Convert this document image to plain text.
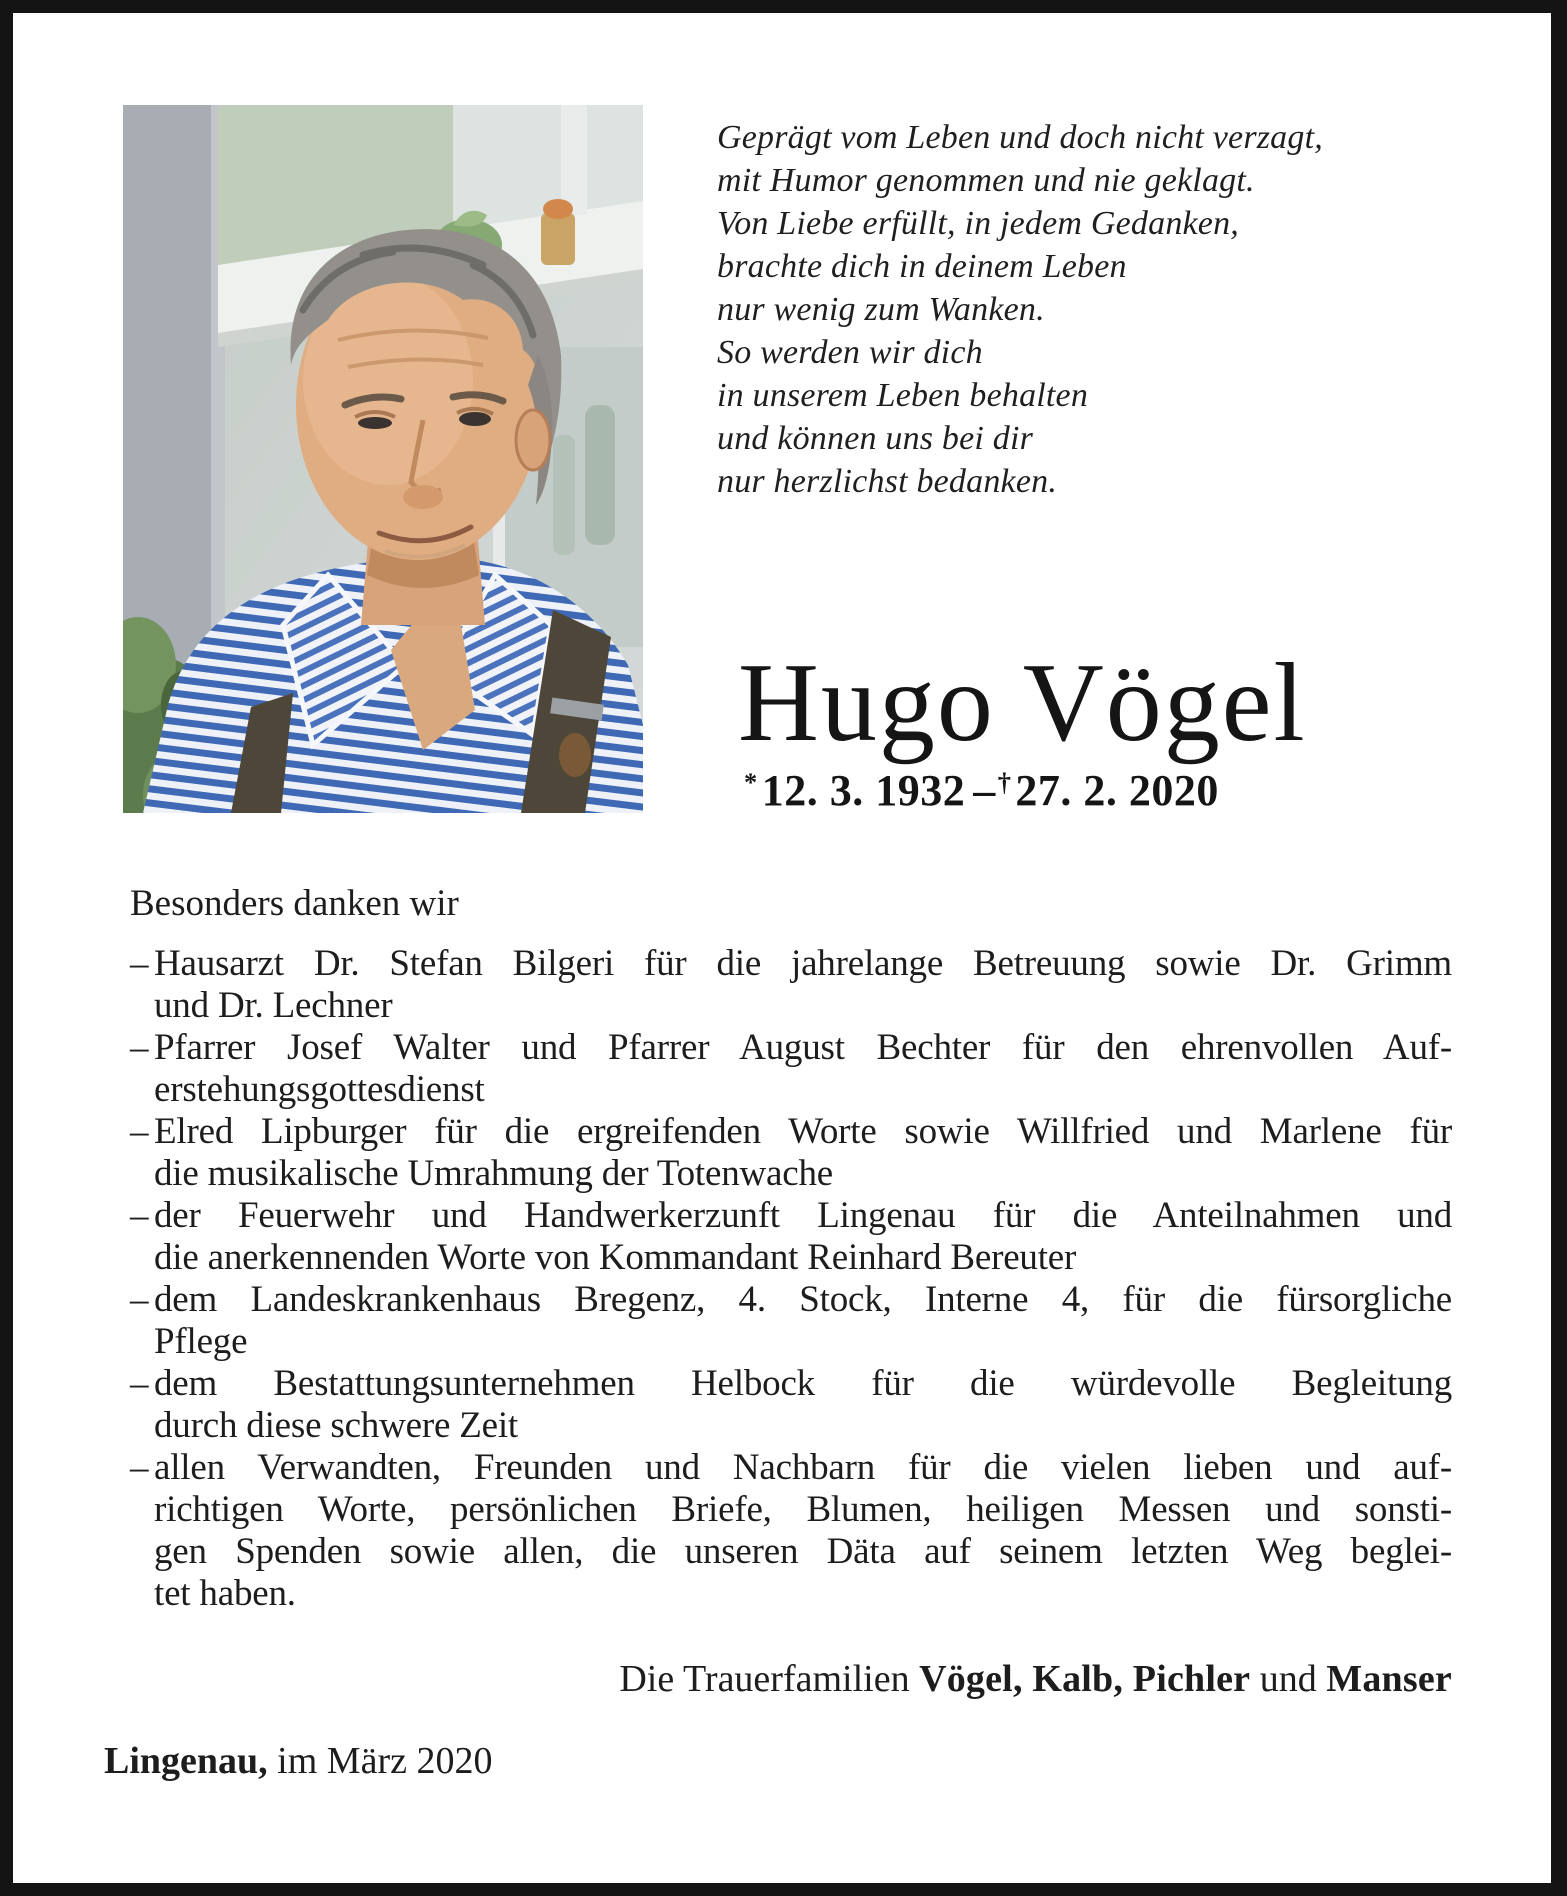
Geprägt vom Leben und doch nicht verzagt,
mit Humor genommen und nie geklagt.
Von Liebe erfüllt, in jedem Gedanken,
brachte dich in deinem Leben
nur wenig zum Wanken.
So werden wir dich
in unserem Leben behalten
und können uns bei dir
nur herzlichst bedanken.
Hugo Vögel
*12. 3. 1932 –†27. 2. 2020
Besonders danken wir
– Hausarzt Dr. Stefan Bilgeri für die jahrelange Betreuung sowie Dr. Grimm
und Dr. Lechner
– Pfarrer Josef Walter und Pfarrer August Bechter für den ehrenvollen Auf-
erstehungsgottesdienst
– Elred Lipburger für die ergreifenden Worte sowie Willfried und Marlene für
die musikalische Umrahmung der Totenwache
– der Feuerwehr und Handwerkerzunft Lingenau für die Anteilnahmen und
die anerkennenden Worte von Kommandant Reinhard Bereuter
– dem Landeskrankenhaus Bregenz, 4. Stock, Interne 4, für die fürsorgliche
Pflege
– dem Bestattungsunternehmen Helbock für die würdevolle Begleitung
durch diese schwere Zeit
– allen Verwandten, Freunden und Nachbarn für die vielen lieben und auf-
richtigen Worte, persönlichen Briefe, Blumen, heiligen Messen und sonsti-
gen Spenden sowie allen, die unseren Däta auf seinem letzten Weg beglei-
tet haben.
Die Trauerfamilien Vögel, Kalb, Pichler und Manser
Lingenau, im März 2020
